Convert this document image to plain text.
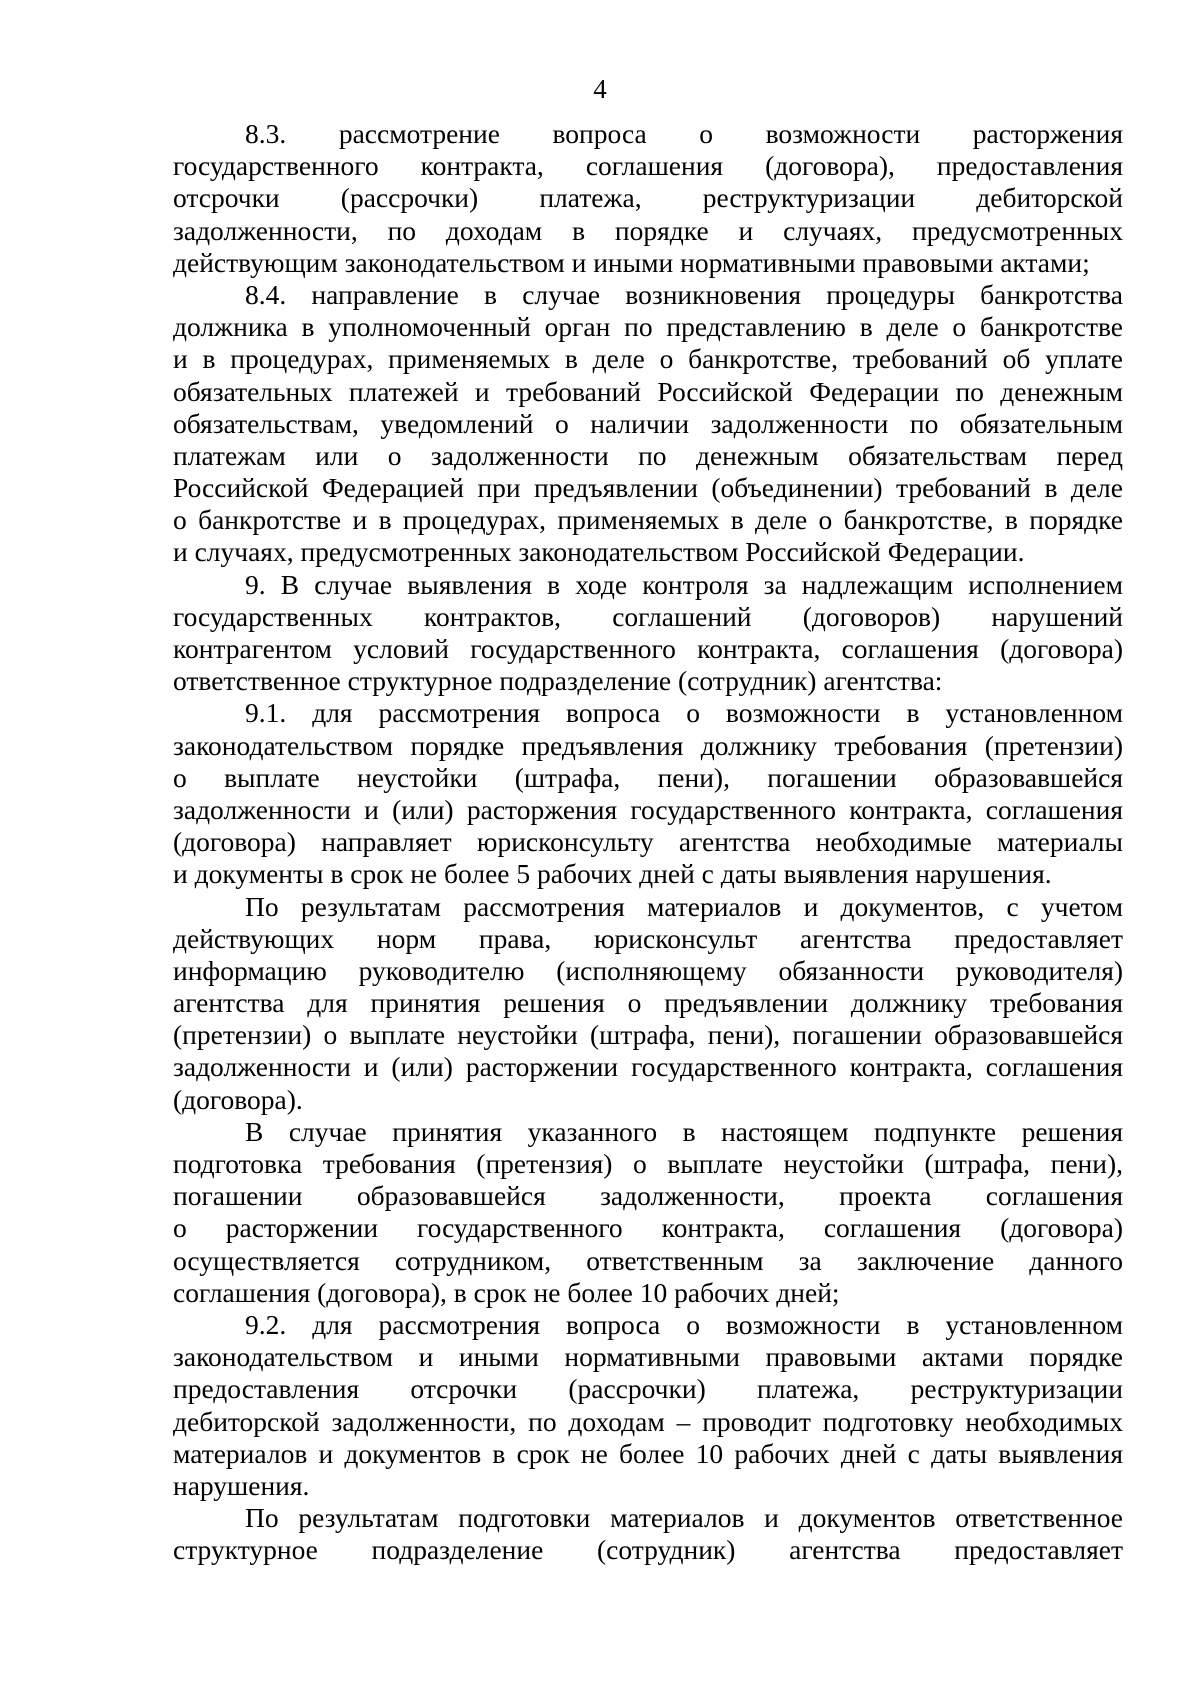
4
8.3. рассмотрение вопроса о возможности расторжения
государственного контракта, соглашения (договора), предоставления
отсрочки (рассрочки) платежа, реструктуризации дебиторской
задолженности, по доходам в порядке и случаях, предусмотренных
действующим законодательством и иными нормативными правовыми актами;
8.4. направление в случае возникновения процедуры банкротства
должника в уполномоченный орган по представлению в деле о банкротстве
и в процедурах, применяемых в деле о банкротстве, требований об уплате
обязательных платежей и требований Российской Федерации по денежным
обязательствам, уведомлений о наличии задолженности по обязательным
платежам или о задолженности по денежным обязательствам перед
Российской Федерацией при предъявлении (объединении) требований в деле
о банкротстве и в процедурах, применяемых в деле о банкротстве, в порядке
и случаях, предусмотренных законодательством Российской Федерации.
9. В случае выявления в ходе контроля за надлежащим исполнением
государственных контрактов, соглашений (договоров) нарушений
контрагентом условий государственного контракта, соглашения (договора)
ответственное структурное подразделение (сотрудник) агентства:
9.1. для рассмотрения вопроса о возможности в установленном
законодательством порядке предъявления должнику требования (претензии)
о выплате неустойки (штрафа, пени), погашении образовавшейся
задолженности и (или) расторжения государственного контракта, соглашения
(договора) направляет юрисконсульту агентства необходимые материалы
и документы в срок не более 5 рабочих дней с даты выявления нарушения.
По результатам рассмотрения материалов и документов, с учетом
действующих норм права, юрисконсульт агентства предоставляет
информацию руководителю (исполняющему обязанности руководителя)
агентства для принятия решения о предъявлении должнику требования
(претензии) о выплате неустойки (штрафа, пени), погашении образовавшейся
задолженности и (или) расторжении государственного контракта, соглашения
(договора).
В случае принятия указанного в настоящем подпункте решения
подготовка требования (претензия) о выплате неустойки (штрафа, пени),
погашении образовавшейся задолженности, проекта соглашения
о расторжении государственного контракта, соглашения (договора)
осуществляется сотрудником, ответственным за заключение данного
соглашения (договора), в срок не более 10 рабочих дней;
9.2. для рассмотрения вопроса о возможности в установленном
законодательством и иными нормативными правовыми актами порядке
предоставления отсрочки (рассрочки) платежа, реструктуризации
дебиторской задолженности, по доходам – проводит подготовку необходимых
материалов и документов в срок не более 10 рабочих дней с даты выявления
нарушения.
По результатам подготовки материалов и документов ответственное
структурное подразделение (сотрудник) агентства предоставляет
